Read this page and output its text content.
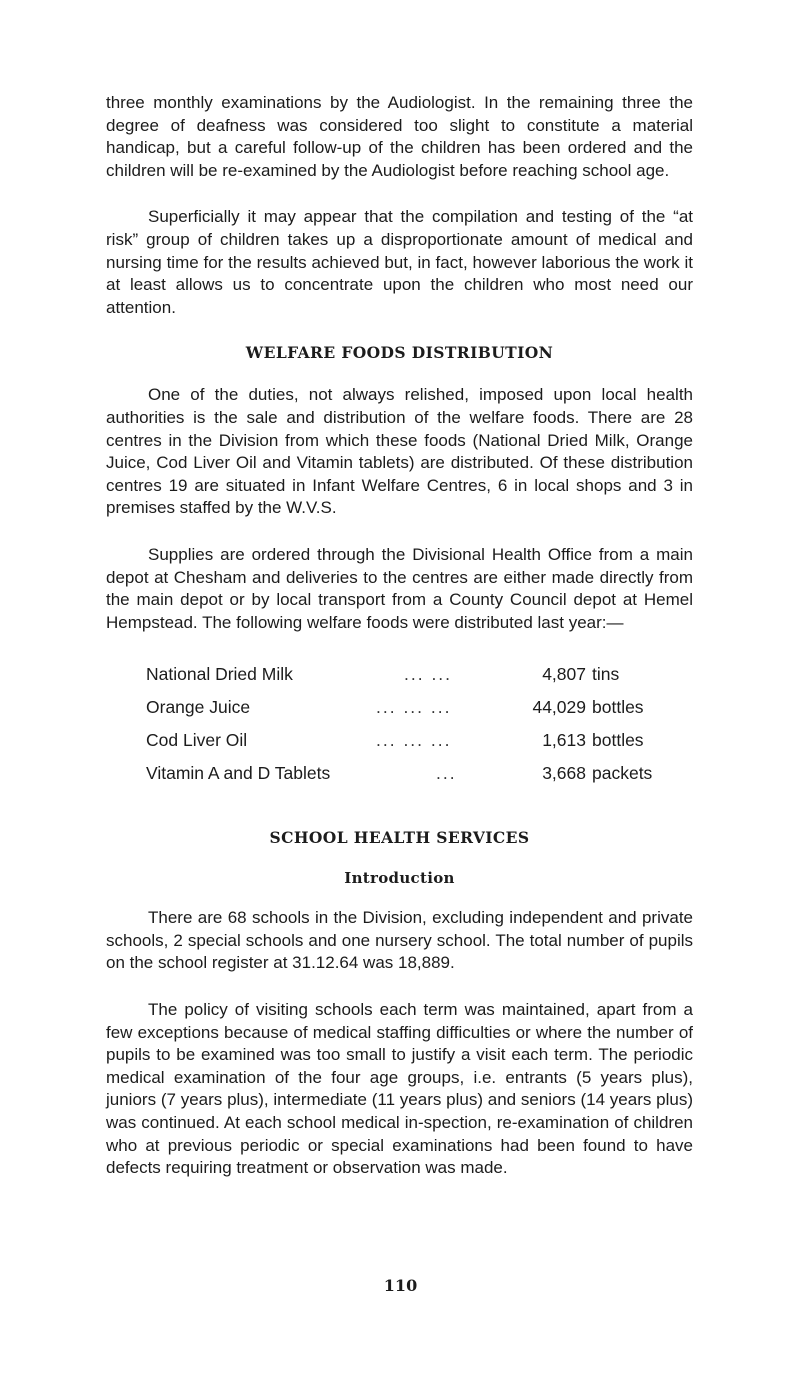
three monthly examinations by the Audiologist. In the remaining three the degree of deafness was considered too slight to constitute a material handicap, but a careful follow-up of the children has been ordered and the children will be re-examined by the Audiologist before reaching school age.

Superficially it may appear that the compilation and testing of the “at risk” group of children takes up a disproportionate amount of medical and nursing time for the results achieved but, in fact, however laborious the work it at least allows us to concentrate upon the children who most need our attention.

WELFARE FOODS DISTRIBUTION

One of the duties, not always relished, imposed upon local health authorities is the sale and distribution of the welfare foods. There are 28 centres in the Division from which these foods (National Dried Milk, Orange Juice, Cod Liver Oil and Vitamin tablets) are distributed. Of these distribution centres 19 are situated in Infant Welfare Centres, 6 in local shops and 3 in premises staffed by the W.V.S.

Supplies are ordered through the Divisional Health Office from a main depot at Chesham and deliveries to the centres are either made directly from the main depot or by local transport from a County Council depot at Hemel Hempstead. The following welfare foods were distributed last year:—

National Dried Milk	... ...	4,807	tins
Orange Juice	... ... ...	44,029	bottles
Cod Liver Oil	... ... ...	1,613	bottles
Vitamin A and D Tablets	...	3,668	packets
SCHOOL HEALTH SERVICES
Introduction

There are 68 schools in the Division, excluding independent and private schools, 2 special schools and one nursery school. The total number of pupils on the school register at 31.12.64 was 18,889.

The policy of visiting schools each term was maintained, apart from a few exceptions because of medical staffing difficulties or where the number of pupils to be examined was too small to justify a visit each term. The periodic medical examination of the four age groups, i.e. entrants (5 years plus), juniors (7 years plus), intermediate (11 years plus) and seniors (14 years plus) was continued. At each school medical in-spection, re-examination of children who at previous periodic or special examinations had been found to have defects requiring treatment or observation was made.

110
